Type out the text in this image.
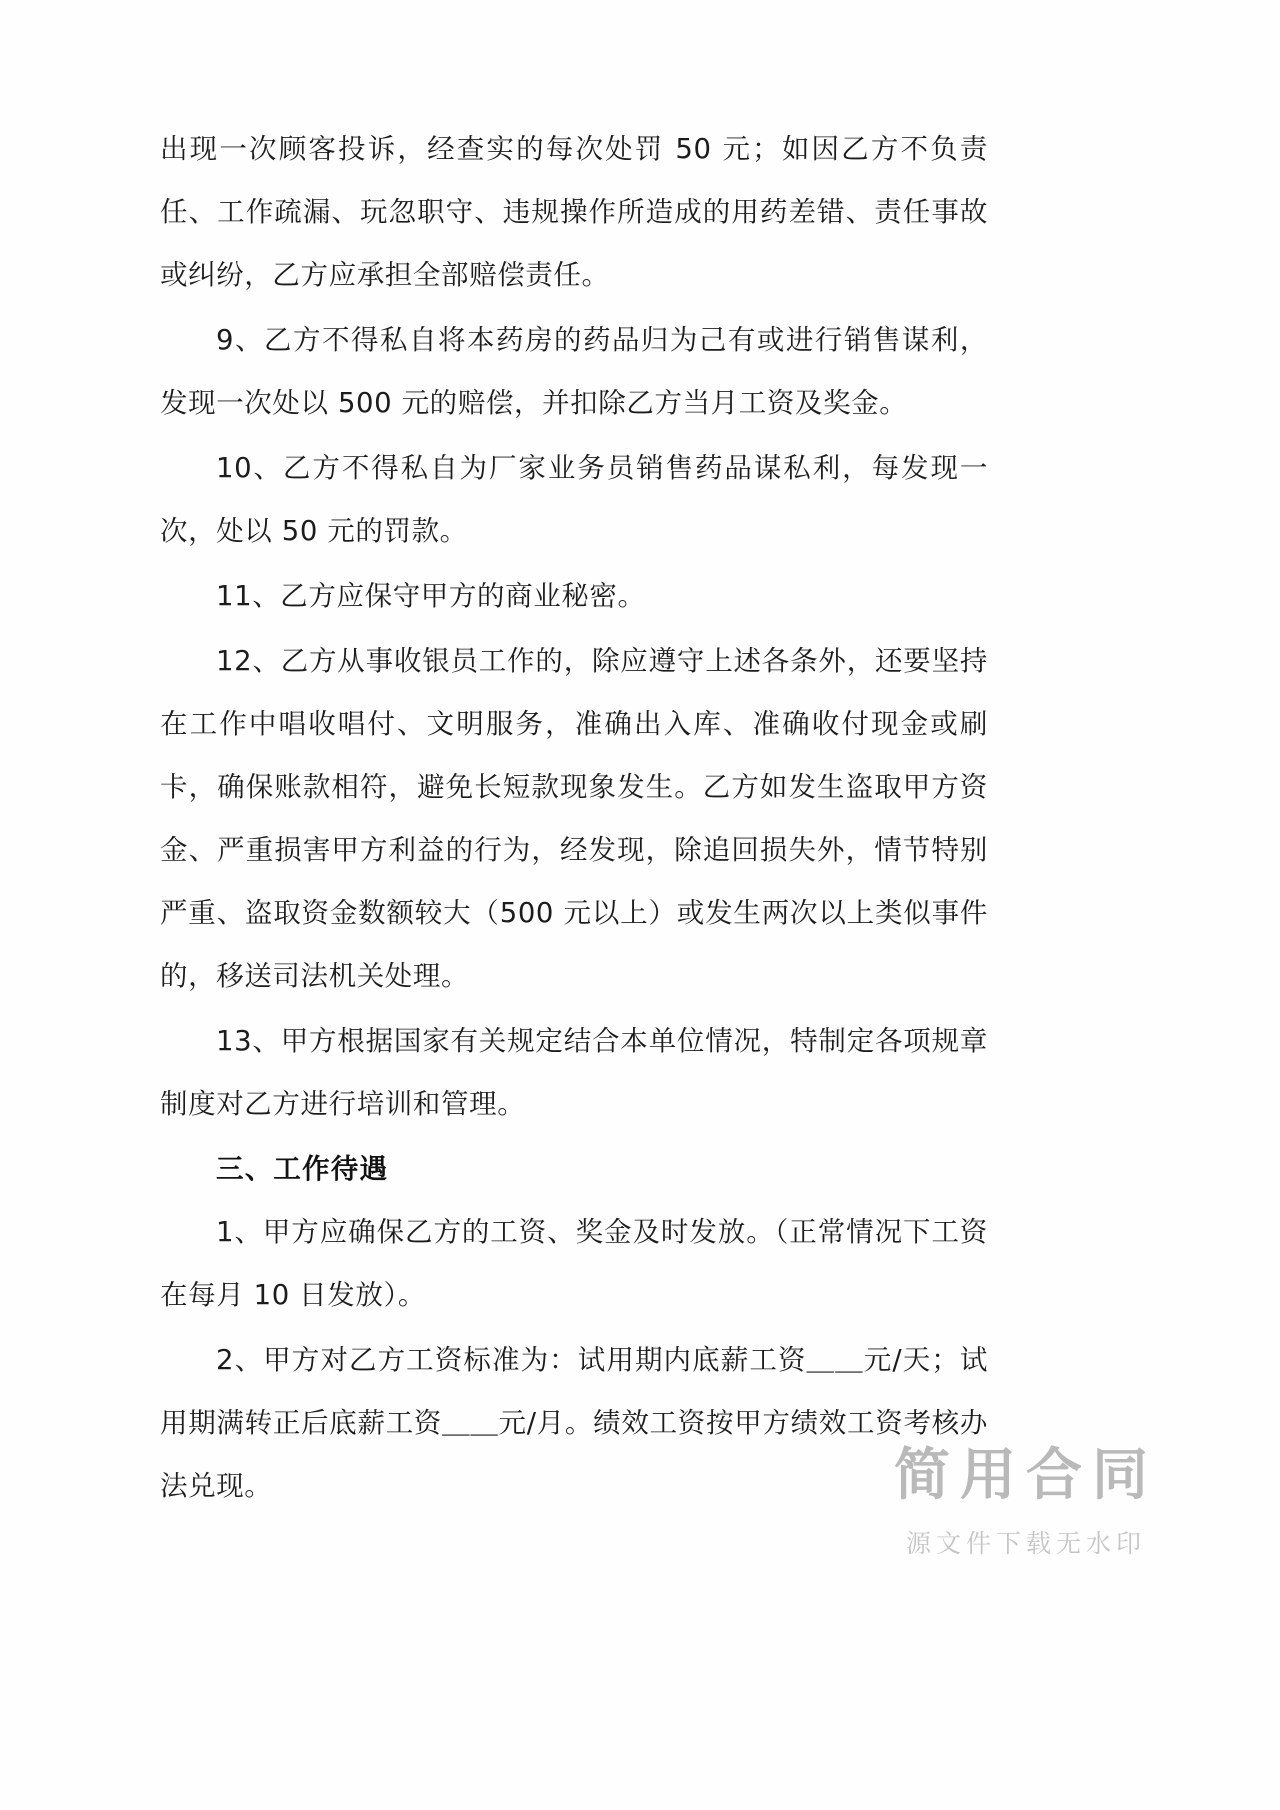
出现一次顾客投诉，经查实的每次处罚 50 元；如因乙方不负责任、工作疏漏、玩忽职守、违规操作所造成的用药差错、责任事故或纠纷，乙方应承担全部赔偿责任。

9、乙方不得私自将本药房的药品归为己有或进行销售谋利，发现一次处以 500 元的赔偿，并扣除乙方当月工资及奖金。

10、乙方不得私自为厂家业务员销售药品谋私利，每发现一次，处以 50 元的罚款。

11、乙方应保守甲方的商业秘密。

12、乙方从事收银员工作的，除应遵守上述各条外，还要坚持在工作中唱收唱付、文明服务，准确出入库、准确收付现金或刷卡，确保账款相符，避免长短款现象发生。乙方如发生盗取甲方资金、严重损害甲方利益的行为，经发现，除追回损失外，情节特别严重、盗取资金数额较大（500 元以上）或发生两次以上类似事件的，移送司法机关处理。

13、甲方根据国家有关规定结合本单位情况，特制定各项规章制度对乙方进行培训和管理。

三、工作待遇

1、甲方应确保乙方的工资、奖金及时发放。（正常情况下工资在每月 10 日发放）。

2、甲方对乙方工资标准为：试用期内底薪工资＿＿元/天；试用期满转正后底薪工资＿＿元/月。绩效工资按甲方绩效工资考核办法兑现。	简用合同
源文件下载无水印
